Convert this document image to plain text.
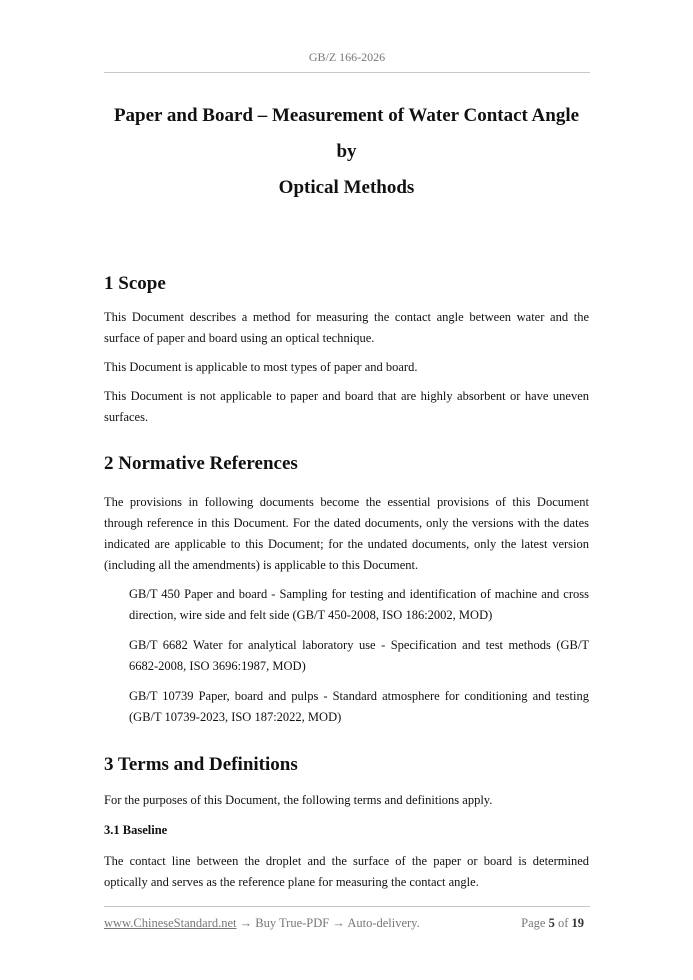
GB/Z 166-2026
Paper and Board – Measurement of Water Contact Angle by
Optical Methods
1 Scope

This Document describes a method for measuring the contact angle between water and the surface of paper and board using an optical technique.

This Document is applicable to most types of paper and board.

This Document is not applicable to paper and board that are highly absorbent or have uneven surfaces.

2 Normative References

The provisions in following documents become the essential provisions of this Document through reference in this Document. For the dated documents, only the versions with the dates indicated are applicable to this Document; for the undated documents, only the latest version (including all the amendments) is applicable to this Document.

GB/T 450 Paper and board - Sampling for testing and identification of machine and cross direction, wire side and felt side (GB/T 450-2008, ISO 186:2002, MOD)

GB/T 6682 Water for analytical laboratory use - Specification and test methods (GB/T 6682-2008, ISO 3696:1987, MOD)

GB/T 10739 Paper, board and pulps - Standard atmosphere for conditioning and testing (GB/T 10739-2023, ISO 187:2022, MOD)

3 Terms and Definitions

For the purposes of this Document, the following terms and definitions apply.

3.1 Baseline

The contact line between the droplet and the surface of the paper or board is determined optically and serves as the reference plane for measuring the contact angle.

www.ChineseStandard.net → Buy True-PDF → Auto-delivery.	Page 5 of 19
